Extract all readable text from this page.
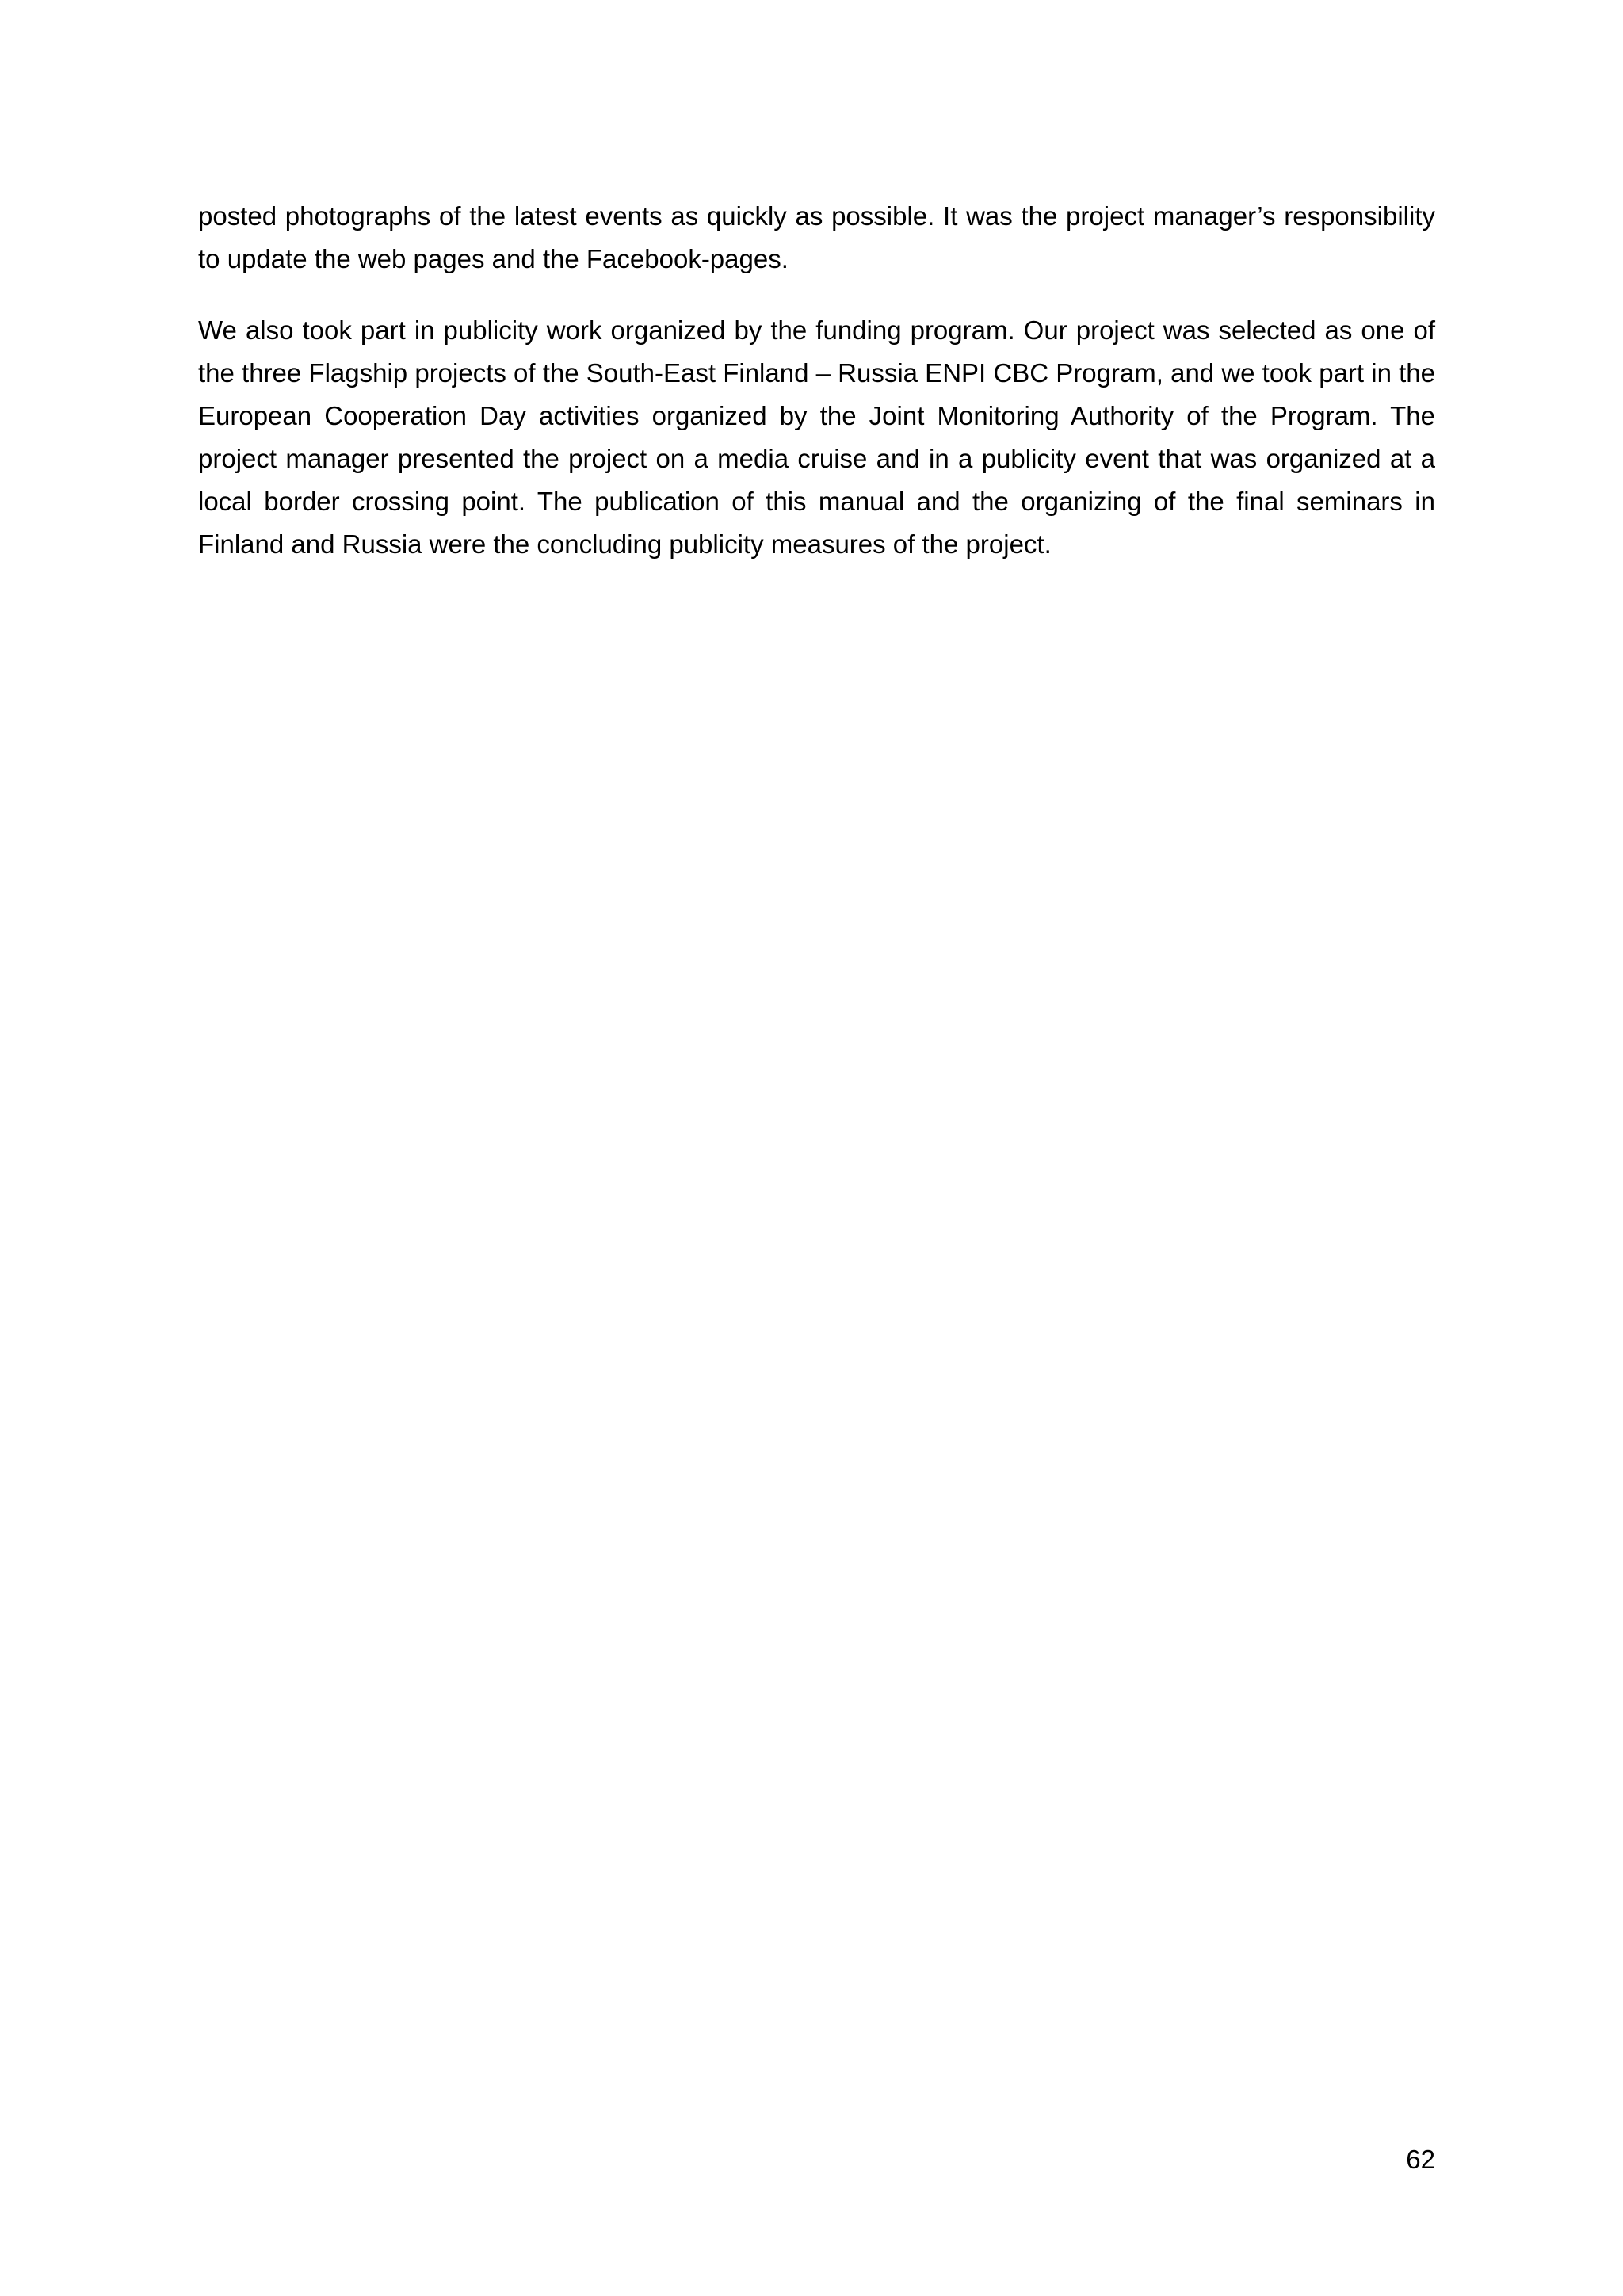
posted photographs of the latest events as quickly as possible. It was the project manager’s responsibility to update the web pages and the Facebook-pages.

We also took part in publicity work organized by the funding program. Our project was selected as one of the three Flagship projects of the South-East Finland – Russia ENPI CBC Program, and we took part in the European Cooperation Day activities organized by the Joint Monitoring Authority of the Program. The project manager presented the project on a media cruise and in a publicity event that was organized at a local border crossing point. The publication of this manual and the organizing of the final seminars in Finland and Russia were the concluding publicity measures of the project.

62
